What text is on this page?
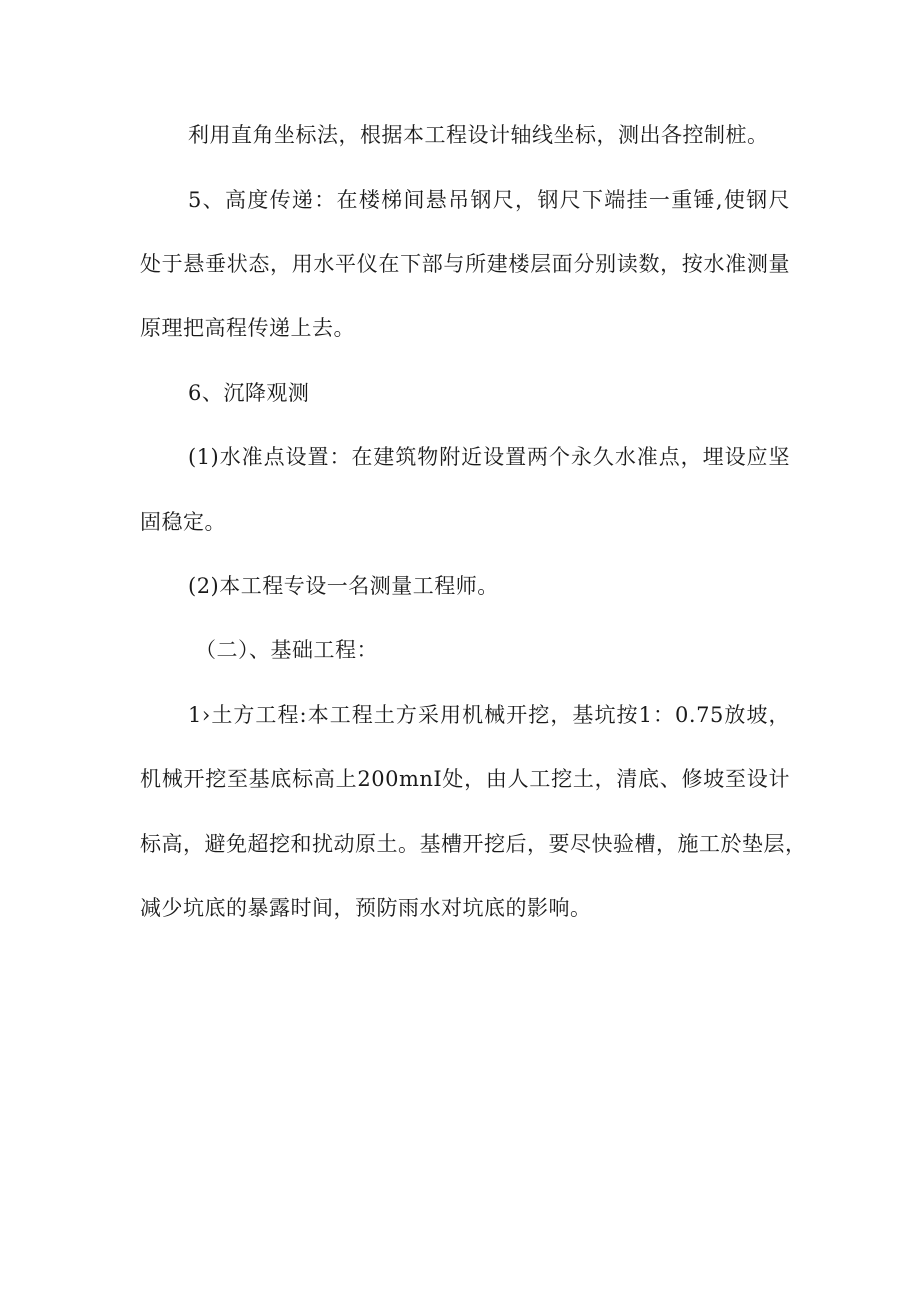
利用直角坐标法，根据本工程设计轴线坐标，测出各控制桩。
5、高度传递：在楼梯间悬吊钢尺，钢尺下端挂一重锤,使钢尺
处于悬垂状态，用水平仪在下部与所建楼层面分别读数，按水准测量
原理把高程传递上去。
6、沉降观测
(1)水准点设置：在建筑物附近设置两个永久水准点，埋设应坚
固稳定。
(2)本工程专设一名测量工程师。
（二）、基础工程：
1›土方工程:本工程土方采用机械开挖，基坑按1：0.75放坡，
机械开挖至基底标高上200mnI处，由人工挖土，清底、修坡至设计
标高，避免超挖和扰动原土。基槽开挖后，要尽快验槽，施工於垫层，
减少坑底的暴露时间，预防雨水对坑底的影响。
